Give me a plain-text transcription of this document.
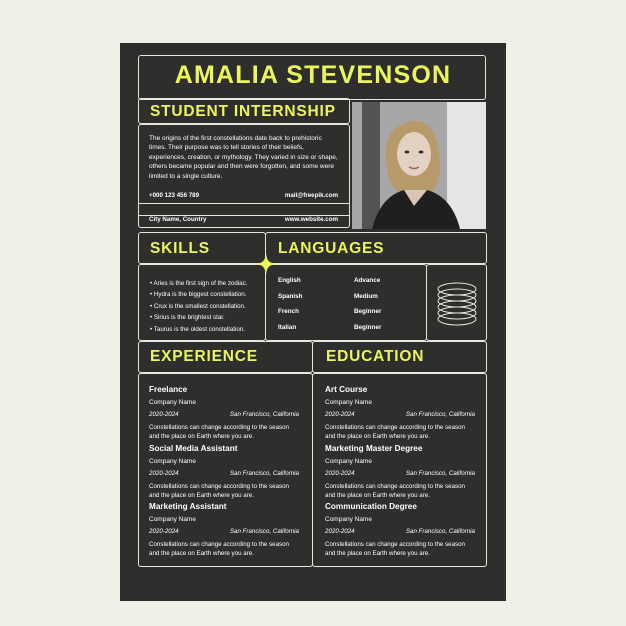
AMALIA STEVENSON
STUDENT INTERNSHIP
The origins of the first constellations date back to prehistoric times. Their purpose was to tell stories of their beliefs, experiences, creation, or mythology. They varied in size or shape, others became popular and then were forgotten, and some were limited to a single culture.
+000 123 456 789	mail@freepik.com
City Name, Country	www.website.com
SKILLS	LANGUAGES
• Aries is the first sign of the zodiac.
• Hydra is the biggest constellation.
• Crux is the smallest constellation.
• Sirius is the brightest star.
• Taurus is the oldest constellation.
English	Advance
Spanish	Medium
French	Beginner
Italian	Beginner
EXPERIENCE	EDUCATION
Freelance
Company Name
2020-2024	San Francisco, California
Constellations can change according to the season and the place on Earth where you are.
Social Media Assistant
Company Name
2020-2024	San Francisco, California
Constellations can change according to the season and the place on Earth where you are.
Marketing Assistant
Company Name
2020-2024	San Francisco, California
Constellations can change according to the season and the place on Earth where you are.
Art Course
Company Name
2020-2024	San Francisco, California
Constellations can change according to the season and the place on Earth where you are.
Marketing Master Degree
Company Name
2020-2024	San Francisco, California
Constellations can change according to the season and the place on Earth where you are.
Communication Degree
Company Name
2020-2024	San Francisco, California
Constellations can change according to the season and the place on Earth where you are.
